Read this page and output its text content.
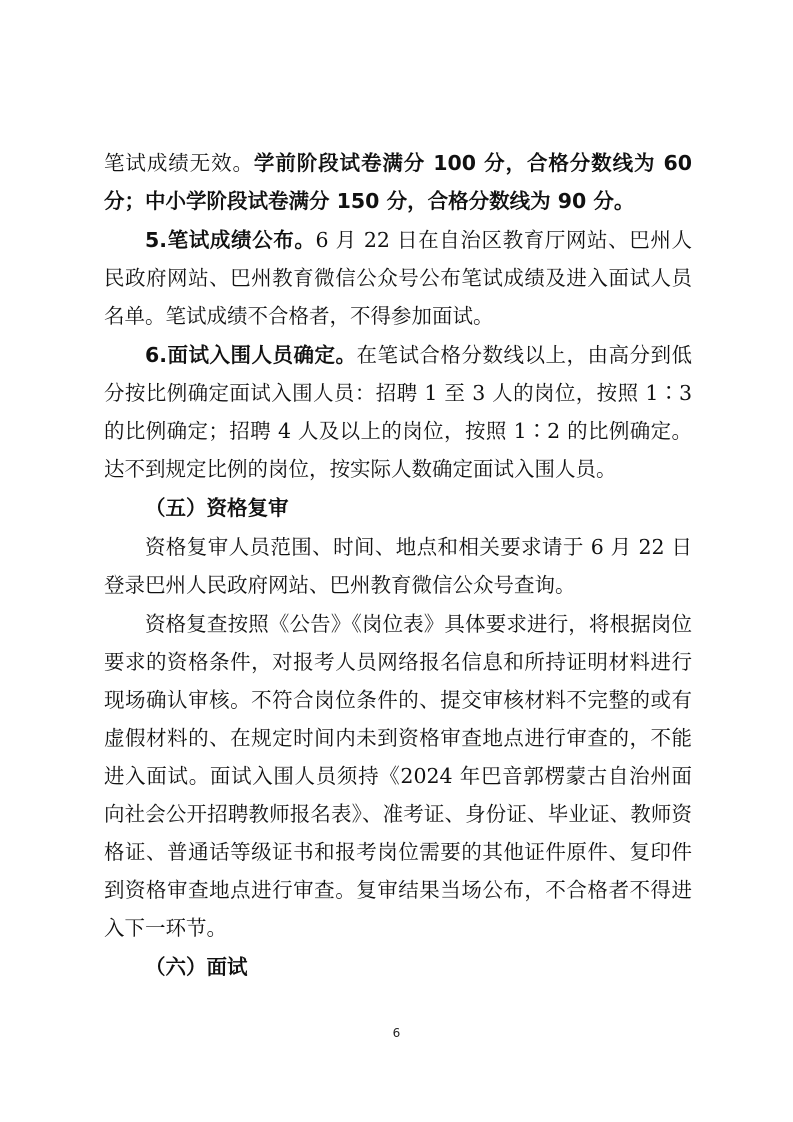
笔试成绩无效。学前阶段试卷满分 100 分，合格分数线为 60 分；中小学阶段试卷满分 150 分，合格分数线为 90 分。

5.笔试成绩公布。6 月 22 日在自治区教育厅网站、巴州人民政府网站、巴州教育微信公众号公布笔试成绩及进入面试人员名单。笔试成绩不合格者，不得参加面试。

6.面试入围人员确定。在笔试合格分数线以上，由高分到低分按比例确定面试入围人员：招聘 1 至 3 人的岗位，按照 1∶3 的比例确定；招聘 4 人及以上的岗位，按照 1∶2 的比例确定。达不到规定比例的岗位，按实际人数确定面试入围人员。

（五）资格复审

资格复审人员范围、时间、地点和相关要求请于 6 月 22 日登录巴州人民政府网站、巴州教育微信公众号查询。

资格复查按照《公告》《岗位表》具体要求进行，将根据岗位要求的资格条件，对报考人员网络报名信息和所持证明材料进行现场确认审核。不符合岗位条件的、提交审核材料不完整的或有虚假材料的、在规定时间内未到资格审查地点进行审查的，不能进入面试。面试入围人员须持《2024 年巴音郭楞蒙古自治州面向社会公开招聘教师报名表》、准考证、身份证、毕业证、教师资格证、普通话等级证书和报考岗位需要的其他证件原件、复印件到资格审查地点进行审查。复审结果当场公布，不合格者不得进入下一环节。

（六）面试

6
